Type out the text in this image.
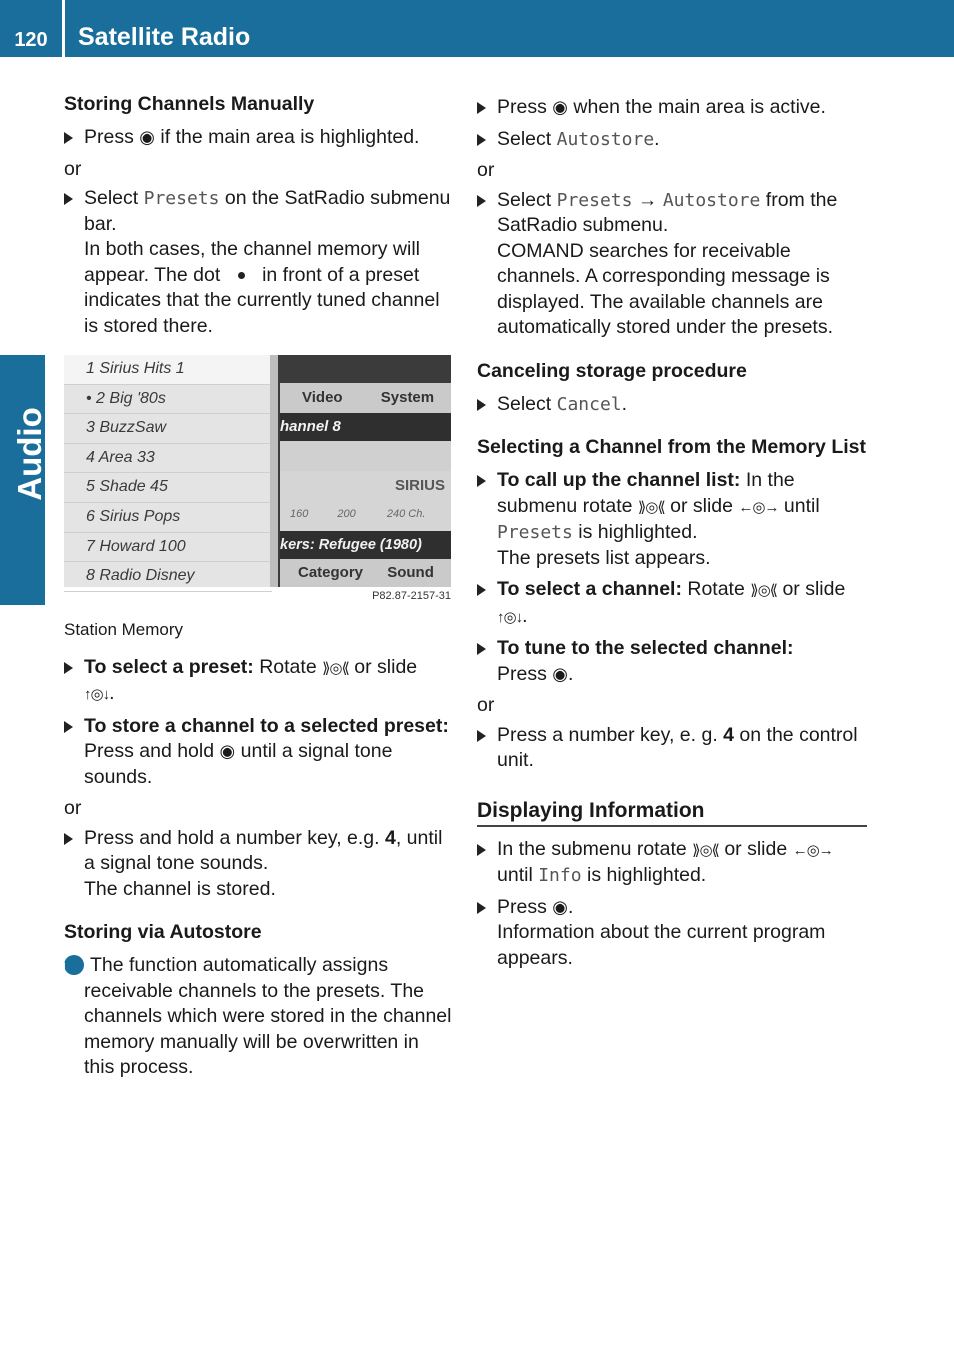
120	Satellite Radio
Audio
Storing Channels Manually
Press ◉ if the main area is highlighted.
or
Select Presets on the SatRadio submenu bar.
In both cases, the channel memory will appear. The dot  in front of a preset indicates that the currently tuned channel is stored there.
1 Sirius Hits 1
• 2 Big '80s
3 BuzzSaw
4 Area 33
5 Shade 45
6 Sirius Pops
7 Howard 100
8 Radio Disney
Video	System
hannel 8
SIRIUS
160	200	240 Ch.
kers: Refugee (1980)
Category Sound
P82.87-2157-31
Station Memory
To select a preset: Rotate ⟫◎⟪ or slide
↑◎↓.
To store a channel to a selected preset:
Press and hold ◉ until a signal tone sounds.
or
Press and hold a number key, e.g. 4, until a signal tone sounds.
The channel is stored.
Storing via Autostore
i The function automatically assigns receivable channels to the presets. The channels which were stored in the channel memory manually will be overwritten in this process.
Press ◉ when the main area is active.
Select Autostore.
or
Select Presets → Autostore from the SatRadio submenu.
COMAND searches for receivable channels. A corresponding message is displayed. The available channels are automatically stored under the presets.
Canceling storage procedure
Select Cancel.
Selecting a Channel from the Memory List
To call up the channel list: In the submenu rotate ⟫◎⟪ or slide ←◎→ until
Presets is highlighted.
The presets list appears.
To select a channel: Rotate ⟫◎⟪ or slide
↑◎↓.
To tune to the selected channel:
Press ◉.
or
Press a number key, e. g. 4 on the control unit.
Displaying Information
In the submenu rotate ⟫◎⟪ or slide ←◎→
until Info is highlighted.
Press ◉.
Information about the current program appears.
